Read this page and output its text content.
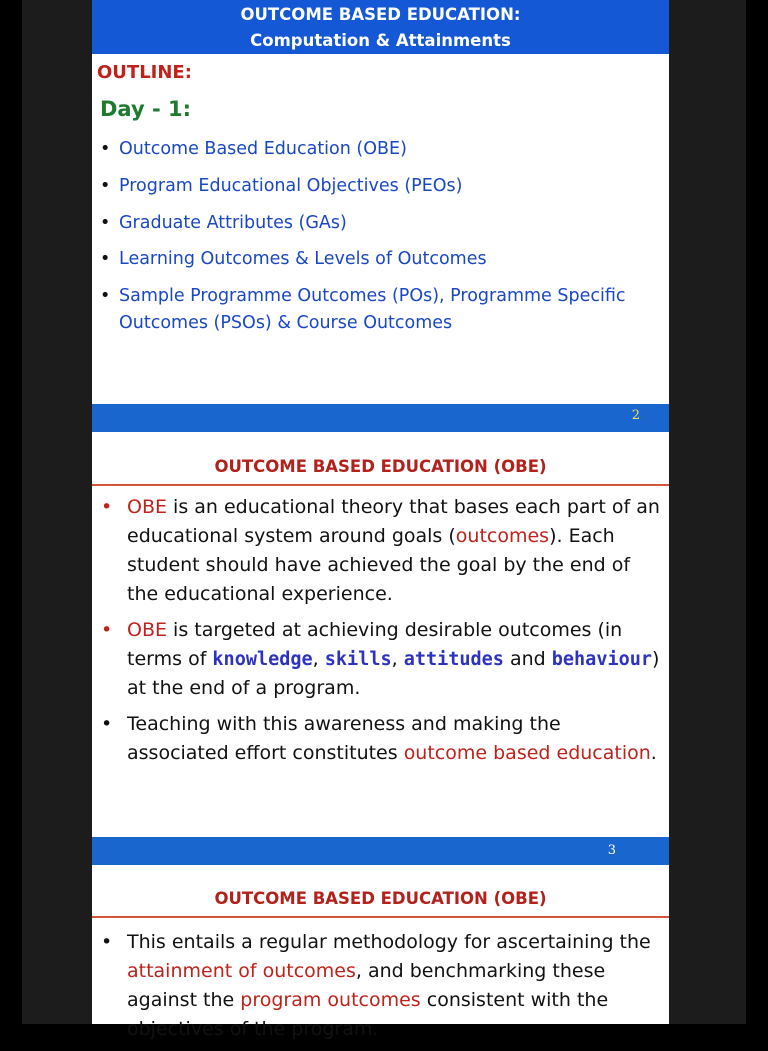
OUTCOME BASED EDUCATION:
Computation & Attainments
OUTLINE:
Day - 1:
• Outcome Based Education (OBE)
• Program Educational Objectives (PEOs)
• Graduate Attributes (GAs)
• Learning Outcomes & Levels of Outcomes
• Sample Programme Outcomes (POs), Programme Specific Outcomes (PSOs) & Course Outcomes
2
OUTCOME BASED EDUCATION (OBE)
• OBE is an educational theory that bases each part of an educational system around goals (outcomes). Each student should have achieved the goal by the end of the educational experience.
• OBE is targeted at achieving desirable outcomes (in terms of knowledge, skills, attitudes and behaviour) at the end of a program.
• Teaching with this awareness and making the associated effort constitutes outcome based education.
3
OUTCOME BASED EDUCATION (OBE)
• This entails a regular methodology for ascertaining the attainment of outcomes, and benchmarking these against the program outcomes consistent with the objectives of the program.
